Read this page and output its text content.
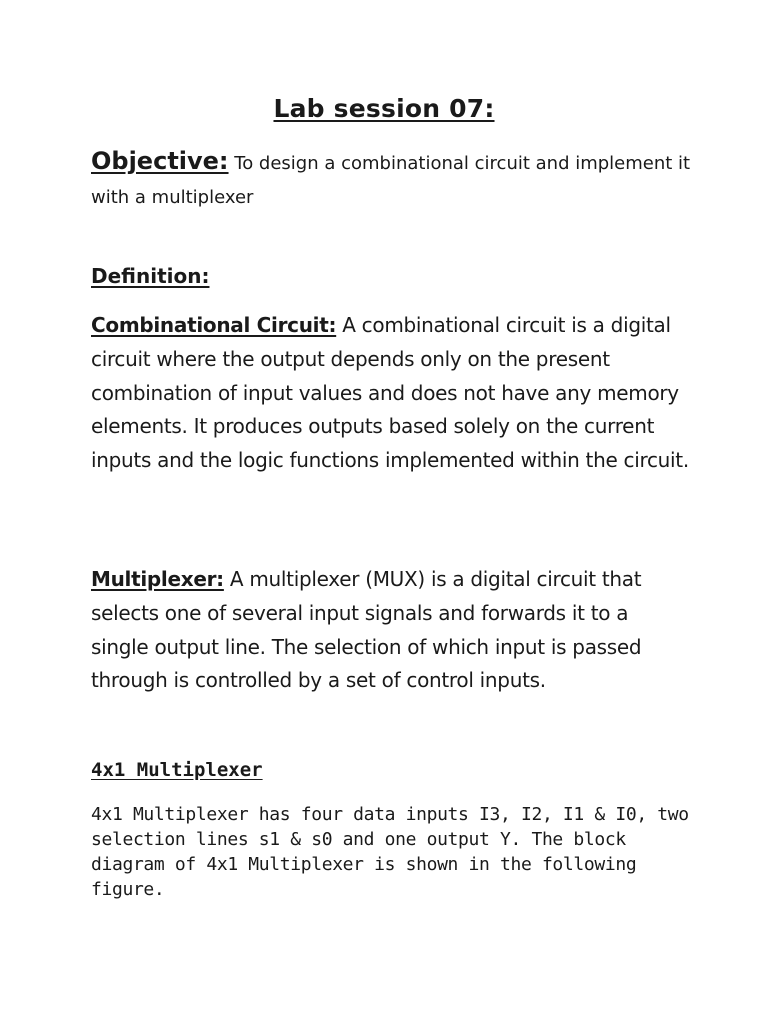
Lab session 07:
Objective: To design a combinational circuit and implement it with a multiplexer
Definition:
Combinational Circuit: A combinational circuit is a digital circuit where the output depends only on the present combination of input values and does not have any memory elements. It produces outputs based solely on the current inputs and the logic functions implemented within the circuit.
Multiplexer: A multiplexer (MUX) is a digital circuit that selects one of several input signals and forwards it to a single output line. The selection of which input is passed through is controlled by a set of control inputs.
4x1 Multiplexer
4x1 Multiplexer has four data inputs I3, I2, I1 & I0, two selection lines s1 & s0 and one output Y. The block diagram of 4x1 Multiplexer is shown in the following figure.
